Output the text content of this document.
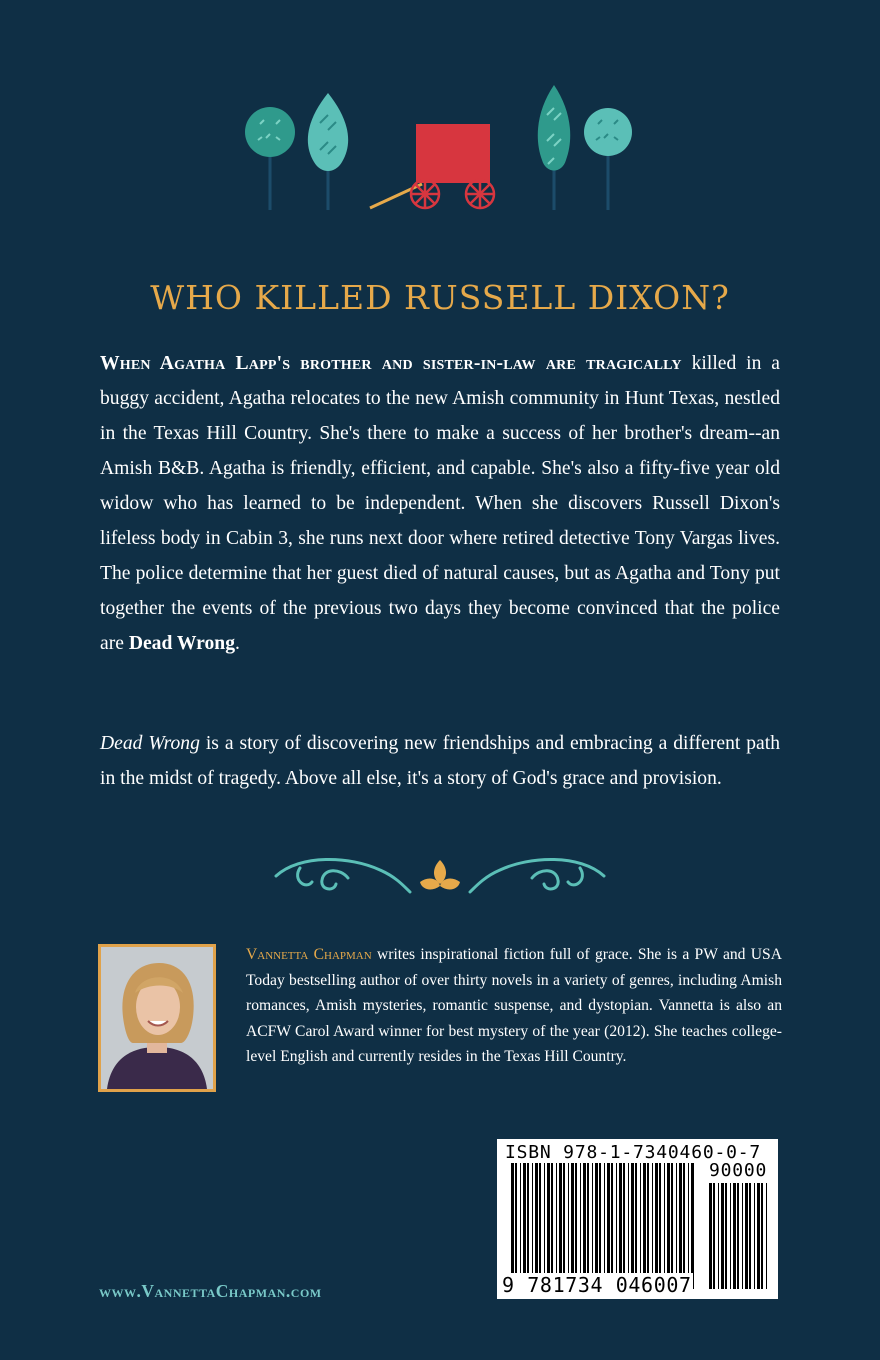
WHO KILLED RUSSELL DIXON?

When Agatha Lapp's brother and sister-in-law are tragically killed in a buggy accident, Agatha relocates to the new Amish community in Hunt Texas, nestled in the Texas Hill Country. She's there to make a success of her brother's dream--an Amish B&B. Agatha is friendly, efficient, and capable. She's also a fifty-five year old widow who has learned to be independent. When she discovers Russell Dixon's lifeless body in Cabin 3, she runs next door where retired detective Tony Vargas lives. The police determine that her guest died of natural causes, but as Agatha and Tony put together the events of the previous two days they become convinced that the police are Dead Wrong.

Dead Wrong is a story of discovering new friendships and embracing a different path in the midst of tragedy. Above all else, it's a story of God's grace and provision.

Vannetta Chapman writes inspirational fiction full of grace. She is a PW and USA Today bestselling author of over thirty novels in a variety of genres, including Amish romances, Amish mysteries, romantic suspense, and dystopian. Vannetta is also an ACFW Carol Award winner for best mystery of the year (2012). She teaches college- level English and currently resides in the Texas Hill Country.

ISBN 978-1-7340460-0-7
90000
9 781734 046007
www.VannettaChapman.com
